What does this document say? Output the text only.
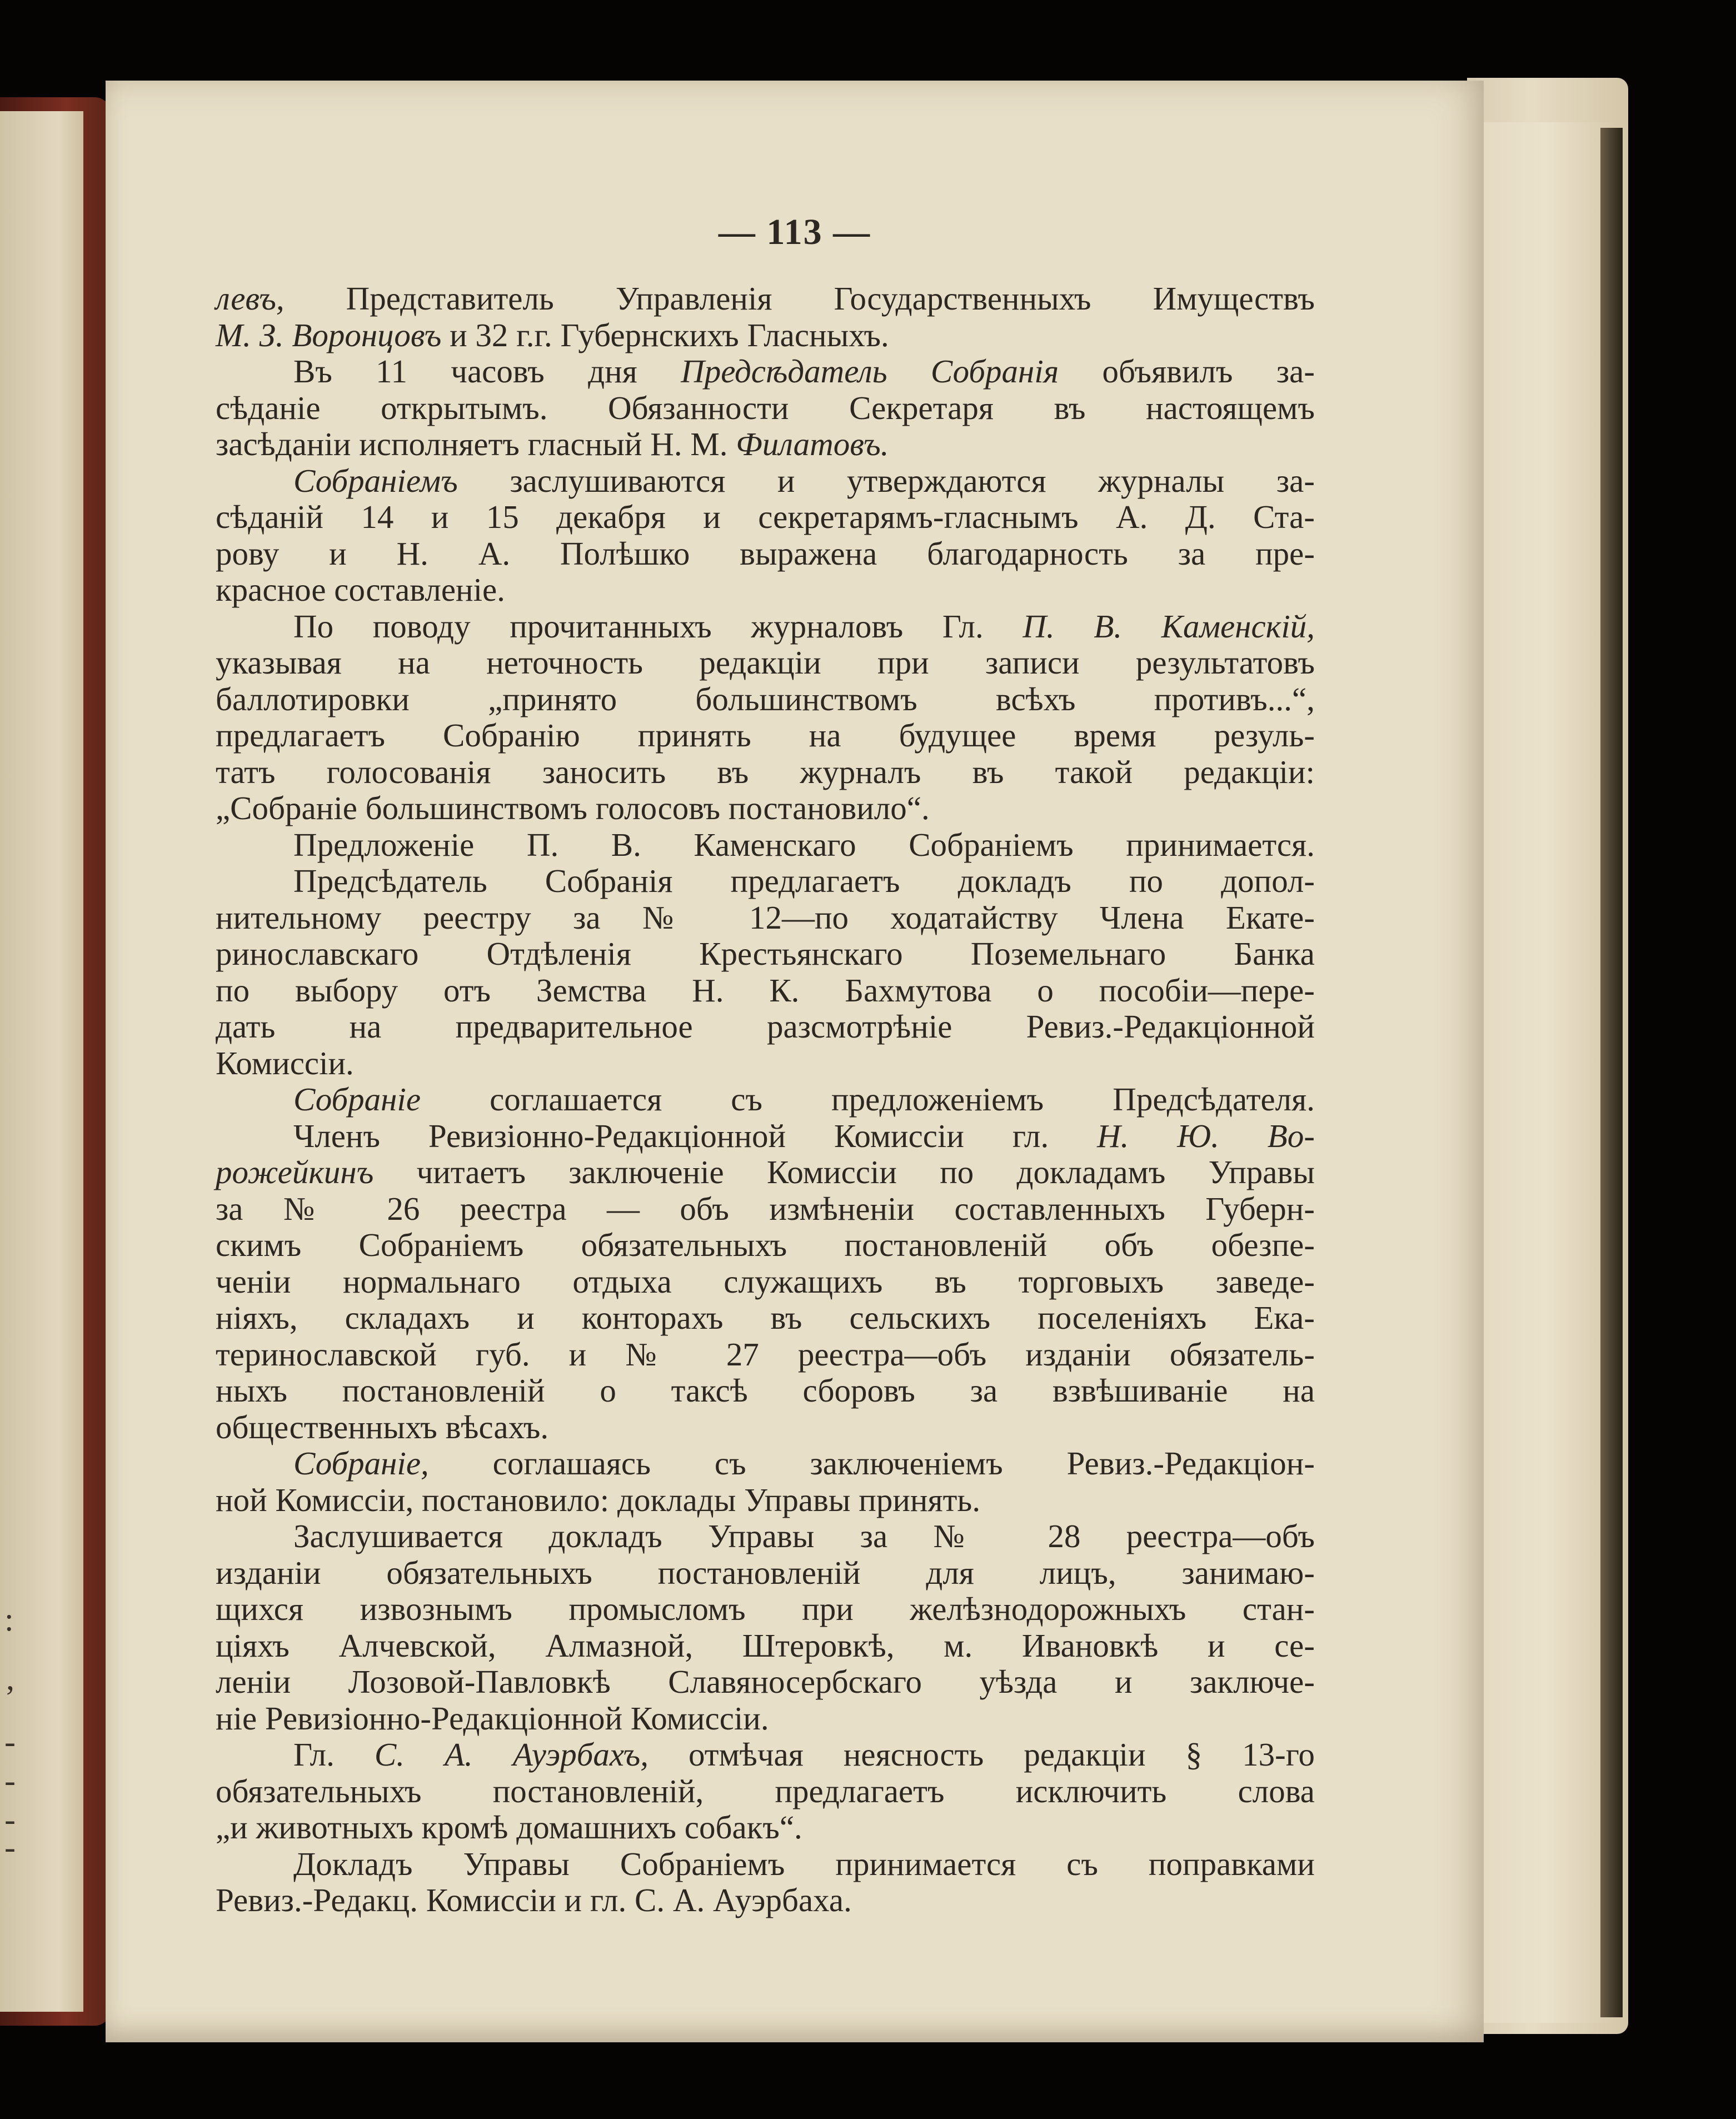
:
’
-
-
-
-
— 113 —
левъ, Представитель Управленія Государственныхъ Имуществъ
М. З. Воронцовъ и 32 г.г. Губернскихъ Гласныхъ.
Въ 11 часовъ дня Предсѣдатель Собранія объявилъ за-
сѣданіе открытымъ. Обязанности Секретаря въ настоящемъ
засѣданіи исполняетъ гласный Н. М. Филатовъ.
Собраніемъ заслушиваются и утверждаются журналы за-
сѣданій 14 и 15 декабря и секретарямъ-гласнымъ А. Д. Ста-
рову и Н. А. Полѣшко выражена благодарность за пре-
красное составленіе.
По поводу прочитанныхъ журналовъ Гл. П. В. Каменскій,
указывая на неточность редакціи при записи результатовъ
баллотировки „принято большинствомъ всѣхъ противъ...“,
предлагаетъ Собранію принять на будущее время резуль-
татъ голосованія заносить въ журналъ въ такой редакціи:
„Собраніе большинствомъ голосовъ постановило“.
Предложеніе П. В. Каменскаго Собраніемъ принимается.
Предсѣдатель Собранія предлагаетъ докладъ по допол-
нительному реестру за № 12—по ходатайству Члена Екате-
ринославскаго Отдѣленія Крестьянскаго Поземельнаго Банка
по выбору отъ Земства Н. К. Бахмутова о пособіи—пере-
дать на предварительное разсмотрѣніе Ревиз.-Редакціонной
Комиссіи.
Собраніе соглашается съ предложеніемъ Предсѣдателя.
Членъ Ревизіонно-Редакціонной Комиссіи гл. Н. Ю. Во-
рожейкинъ читаетъ заключеніе Комиссіи по докладамъ Управы
за № 26 реестра — объ измѣненіи составленныхъ Губерн-
скимъ Собраніемъ обязательныхъ постановленій объ обезпе-
ченіи нормальнаго отдыха служащихъ въ торговыхъ заведе-
ніяхъ, складахъ и конторахъ въ сельскихъ поселеніяхъ Ека-
теринославской губ. и № 27 реестра—объ изданіи обязатель-
ныхъ постановленій о таксѣ сборовъ за взвѣшиваніе на
общественныхъ вѣсахъ.
Собраніе, соглашаясь съ заключеніемъ Ревиз.-Редакціон-
ной Комиссіи, постановило: доклады Управы принять.
Заслушивается докладъ Управы за № 28 реестра—объ
изданіи обязательныхъ постановленій для лицъ, занимаю-
щихся извознымъ промысломъ при желѣзнодорожныхъ стан-
ціяхъ Алчевской, Алмазной, Штеровкѣ, м. Ивановкѣ и се-
леніи Лозовой-Павловкѣ Славяносербскаго уѣзда и заключе-
ніе Ревизіонно-Редакціонной Комиссіи.
Гл. С. А. Ауэрбахъ, отмѣчая неясность редакціи § 13-го
обязательныхъ постановленій, предлагаетъ исключить слова
„и животныхъ кромѣ домашнихъ собакъ“.
Докладъ Управы Собраніемъ принимается съ поправками
Ревиз.-Редакц. Комиссіи и гл. С. А. Ауэрбаха.
